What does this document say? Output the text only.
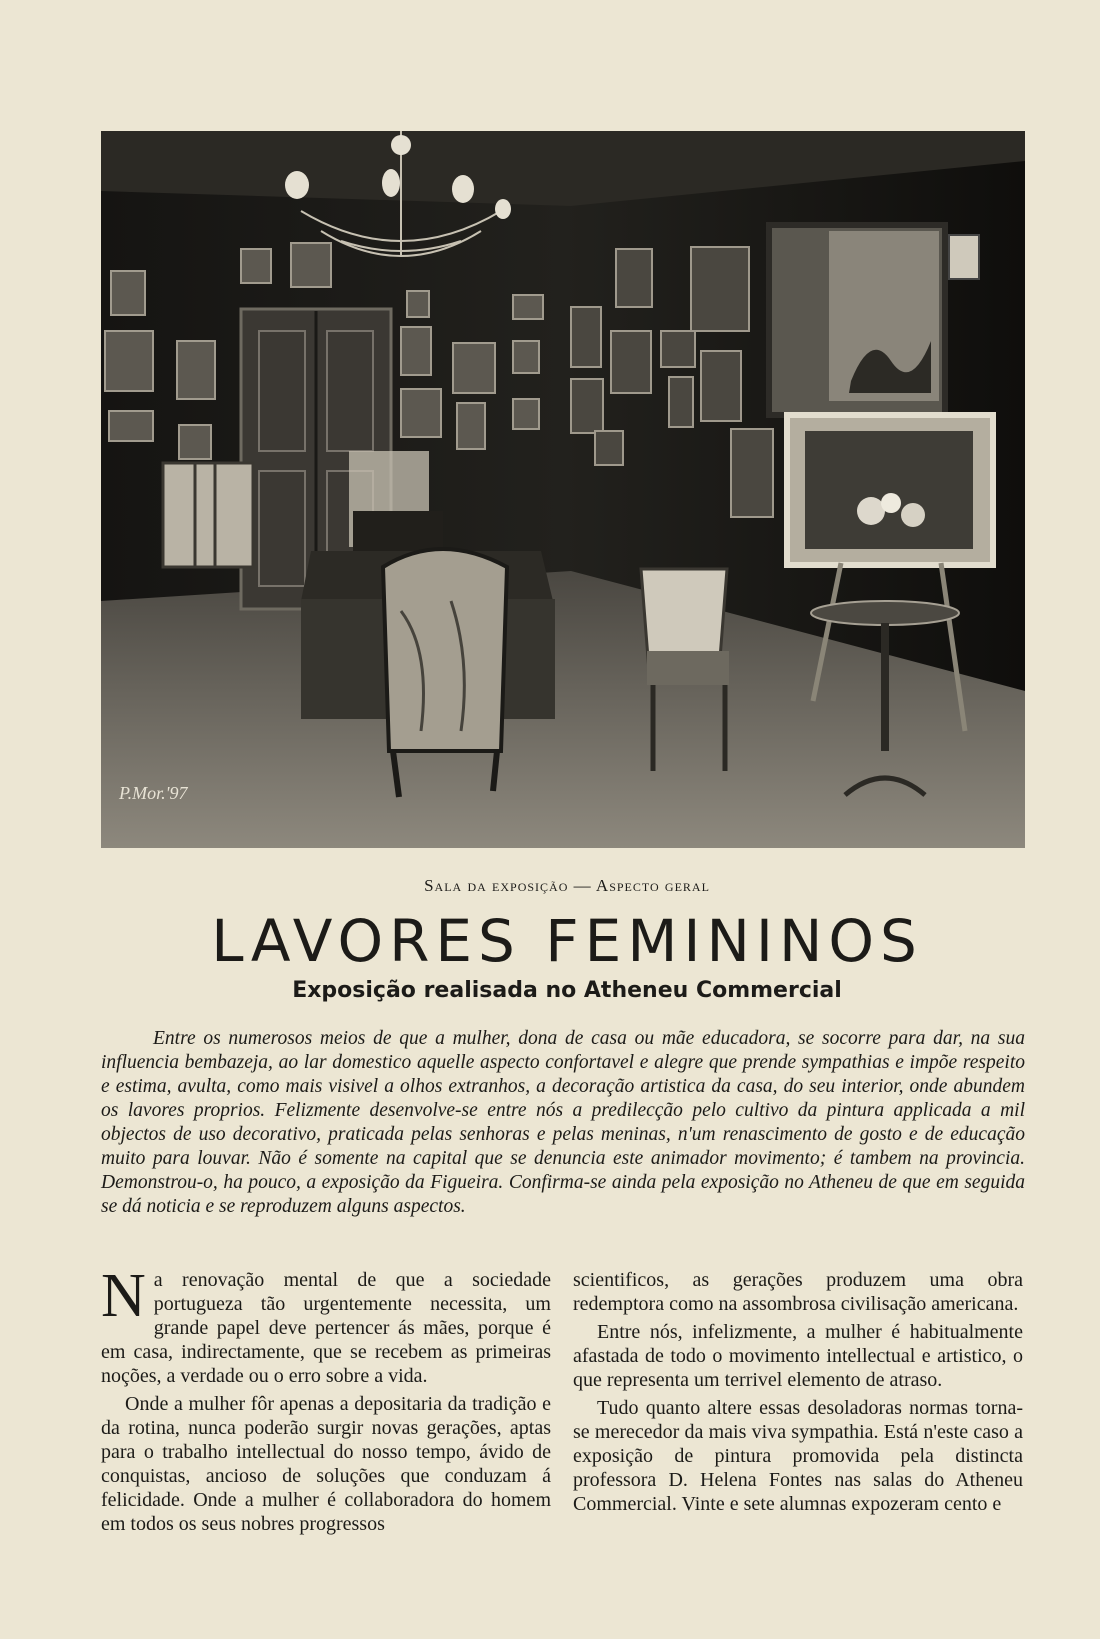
P.Mor.'97
Sala da exposição — Aspecto geral
LAVORES FEMININOS
Exposição realisada no Atheneu Commercial

Entre os numerosos meios de que a mulher, dona de casa ou mãe educadora, se socorre para dar, na sua influencia bembazeja, ao lar domestico aquelle aspecto confortavel e alegre que prende sympathias e impõe respeito e estima, avulta, como mais visivel a olhos extranhos, a decoração artistica da casa, do seu interior, onde abundem os lavores proprios. Felizmente desenvolve-se entre nós a predilecção pelo cultivo da pintura applicada a mil objectos de uso decorativo, praticada pelas senhoras e pelas meninas, n'um renascimento de gosto e de educação muito para louvar. Não é somente na capital que se denuncia este animador movimento; é tambem na provincia. Demonstrou-o, ha pouco, a exposição da Figueira. Confirma-se ainda pela exposição no Atheneu de que em seguida se dá noticia e se reproduzem alguns aspectos.

Na renovação mental de que a sociedade portugueza tão urgentemente necessita, um grande papel deve pertencer ás mães, porque é em casa, indirectamente, que se recebem as primeiras noções, a verdade ou o erro sobre a vida.

Onde a mulher fôr apenas a depositaria da tradição e da rotina, nunca poderão surgir novas gerações, aptas para o trabalho intellectual do nosso tempo, ávido de conquistas, ancioso de soluções que conduzam á felicidade. Onde a mulher é collaboradora do homem em todos os seus nobres progressos

scientificos, as gerações produzem uma obra redemptora como na assombrosa civilisação americana.

Entre nós, infelizmente, a mulher é habitualmente afastada de todo o movimento intellectual e artistico, o que representa um terrivel elemento de atraso.

Tudo quanto altere essas desoladoras normas torna-se merecedor da mais viva sympathia. Está n'este caso a exposição de pintura promovida pela distincta professora D. Helena Fontes nas salas do Atheneu Commercial. Vinte e sete alumnas expozeram cento e
